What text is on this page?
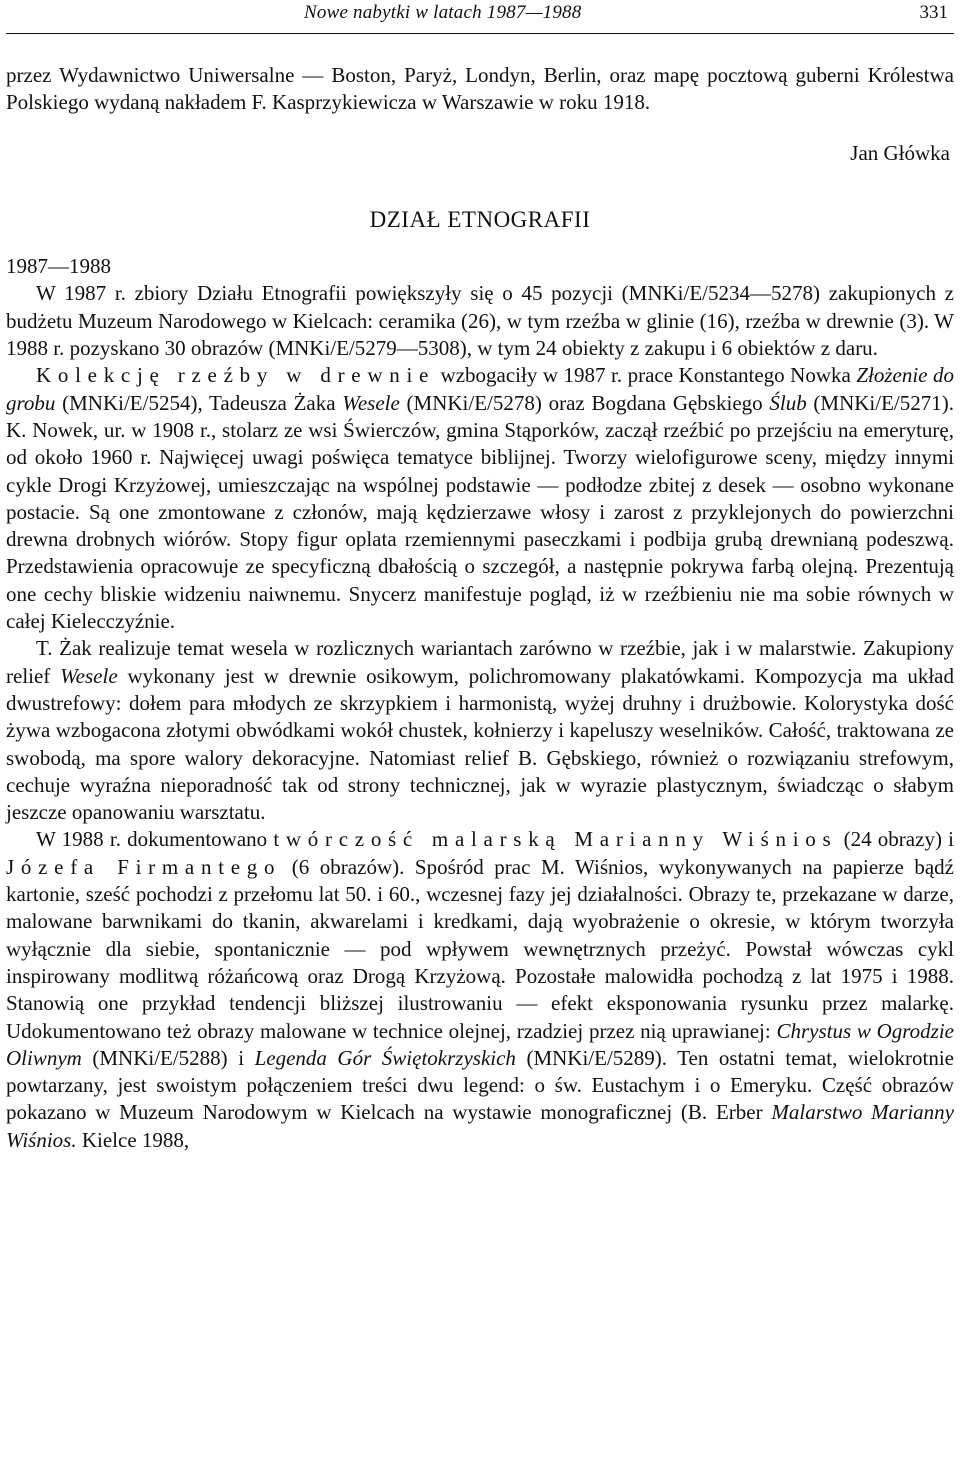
Nowe nabytki w latach 1987—1988	331

przez Wydawnictwo Uniwersalne — Boston, Paryż, Londyn, Berlin, oraz mapę pocztową guberni Królestwa Polskiego wydaną nakładem F. Kasprzykiewicza w Warszawie w roku 1918.

Jan Główka

DZIAŁ ETNOGRAFII

1987—1988

W 1987 r. zbiory Działu Etnografii powiększyły się o 45 pozycji (MNKi/E/5234—5278) zakupionych z budżetu Muzeum Narodowego w Kielcach: ceramika (26), w tym rzeźba w glinie (16), rzeźba w drewnie (3). W 1988 r. pozyskano 30 obrazów (MNKi/E/5279—5308), w tym 24 obiekty z zakupu i 6 obiektów z daru.

Kolekcję rzeźby w drewnie wzbogaciły w 1987 r. prace Konstantego Nowka Złożenie do grobu (MNKi/E/5254), Tadeusza Żaka Wesele (MNKi/E/5278) oraz Bogdana Gębskiego Ślub (MNKi/E/5271). K. Nowek, ur. w 1908 r., stolarz ze wsi Świerczów, gmina Stąporków, zaczął rzeźbić po przejściu na emeryturę, od około 1960 r. Najwięcej uwagi poświęca tematyce biblijnej. Tworzy wielofigurowe sceny, między innymi cykle Drogi Krzyżowej, umieszczając na wspólnej podstawie — podłodze zbitej z desek — osobno wykonane postacie. Są one zmontowane z członów, mają kędzierzawe włosy i zarost z przyklejonych do powierzchni drewna drobnych wiórów. Stopy figur oplata rzemiennymi paseczkami i podbija grubą drewnianą podeszwą. Przedstawienia opracowuje ze specyficzną dbałością o szczegół, a następnie pokrywa farbą olejną. Prezentują one cechy bliskie widzeniu naiwnemu. Snycerz manifestuje pogląd, iż w rzeźbieniu nie ma sobie równych w całej Kielecczyźnie.

T. Żak realizuje temat wesela w rozlicznych wariantach zarówno w rzeźbie, jak i w malarstwie. Zakupiony relief Wesele wykonany jest w drewnie osikowym, polichromowany plakatówkami. Kompozycja ma układ dwustrefowy: dołem para młodych ze skrzypkiem i harmonistą, wyżej druhny i drużbowie. Kolorystyka dość żywa wzbogacona złotymi obwódkami wokół chustek, kołnierzy i kapeluszy weselników. Całość, traktowana ze swobodą, ma spore walory dekoracyjne. Natomiast relief B. Gębskiego, również o rozwiązaniu strefowym, cechuje wyraźna nieporadność tak od strony technicznej, jak w wyrazie plastycznym, świadcząc o słabym jeszcze opanowaniu warsztatu.

W 1988 r. dokumentowano twórczość malarską Marianny Wiśnios (24 obrazy) i Józefa Firmantego (6 obrazów). Spośród prac M. Wiśnios, wykonywanych na papierze bądź kartonie, sześć pochodzi z przełomu lat 50. i 60., wczesnej fazy jej działalności. Obrazy te, przekazane w darze, malowane barwnikami do tkanin, akwarelami i kredkami, dają wyobrażenie o okresie, w którym tworzyła wyłącznie dla siebie, spontanicznie — pod wpływem wewnętrznych przeżyć. Powstał wówczas cykl inspirowany modlitwą różańcową oraz Drogą Krzyżową. Pozostałe malowidła pochodzą z lat 1975 i 1988. Stanowią one przykład tendencji bliższej ilustrowaniu — efekt eksponowania rysunku przez malarkę. Udokumentowano też obrazy malowane w technice olejnej, rzadziej przez nią uprawianej: Chrystus w Ogrodzie Oliwnym (MNKi/E/5288) i Legenda Gór Świętokrzyskich (MNKi/E/5289). Ten ostatni temat, wielokrotnie powtarzany, jest swoistym połączeniem treści dwu legend: o św. Eustachym i o Emeryku. Część obrazów pokazano w Muzeum Narodowym w Kielcach na wystawie monograficznej (B. Erber Malarstwo Marianny Wiśnios. Kielce 1988,
